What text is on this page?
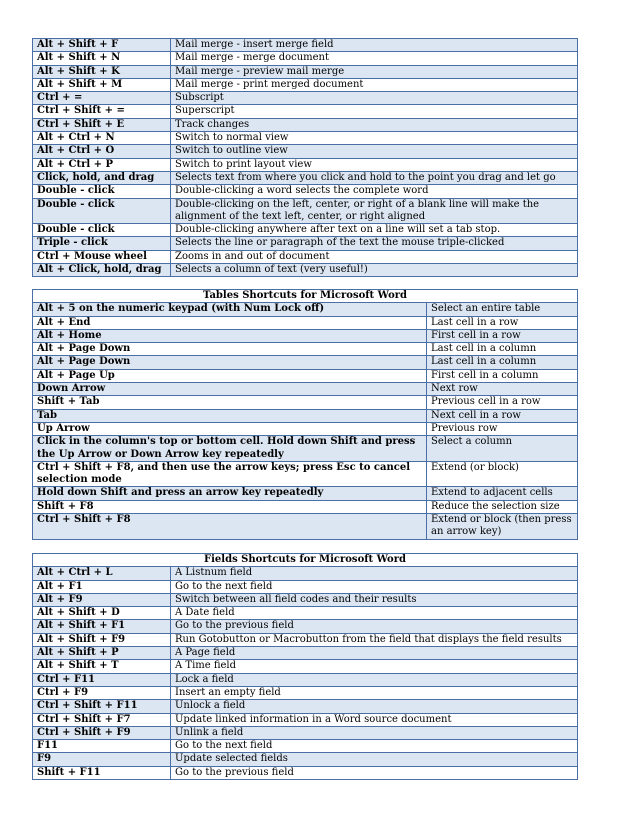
Alt + Shift + F	Mail merge - insert merge field
Alt + Shift + N	Mail merge - merge document
Alt + Shift + K	Mail merge - preview mail merge
Alt + Shift + M	Mail merge - print merged document
Ctrl + =	Subscript
Ctrl + Shift + =	Superscript
Ctrl + Shift + E	Track changes
Alt + Ctrl + N	Switch to normal view
Alt + Ctrl + O	Switch to outline view
Alt + Ctrl + P	Switch to print layout view
Click, hold, and drag	Selects text from where you click and hold to the point you drag and let go
Double - click	Double-clicking a word selects the complete word
Double - click	Double-clicking on the left, center, or right of a blank line will make the alignment of the text left, center, or right aligned
Double - click	Double-clicking anywhere after text on a line will set a tab stop.
Triple - click	Selects the line or paragraph of the text the mouse triple-clicked
Ctrl + Mouse wheel	Zooms in and out of document
Alt + Click, hold, drag	Selects a column of text (very useful!)
Tables Shortcuts for Microsoft Word	
Alt + 5 on the numeric keypad (with Num Lock off)	Select an entire table
Alt + End	Last cell in a row
Alt + Home	First cell in a row
Alt + Page Down	Last cell in a column
Alt + Page Down	Last cell in a column
Alt + Page Up	First cell in a column
Down Arrow	Next row
Shift + Tab	Previous cell in a row
Tab	Next cell in a row
Up Arrow	Previous row
Click in the column's top or bottom cell. Hold down Shift and press the Up Arrow or Down Arrow key repeatedly	Select a column
Ctrl + Shift + F8, and then use the arrow keys; press Esc to cancel selection mode	Extend (or block)
Hold down Shift and press an arrow key repeatedly	Extend to adjacent cells
Shift + F8	Reduce the selection size
Ctrl + Shift + F8	Extend or block (then press an arrow key)
Fields Shortcuts for Microsoft Word	
Alt + Ctrl + L	A Listnum field
Alt + F1	Go to the next field
Alt + F9	Switch between all field codes and their results
Alt + Shift + D	A Date field
Alt + Shift + F1	Go to the previous field
Alt + Shift + F9	Run Gotobutton or Macrobutton from the field that displays the field results
Alt + Shift + P	A Page field
Alt + Shift + T	A Time field
Ctrl + F11	Lock a field
Ctrl + F9	Insert an empty field
Ctrl + Shift + F11	Unlock a field
Ctrl + Shift + F7	Update linked information in a Word source document
Ctrl + Shift + F9	Unlink a field
F11	Go to the next field
F9	Update selected fields
Shift + F11	Go to the previous field
